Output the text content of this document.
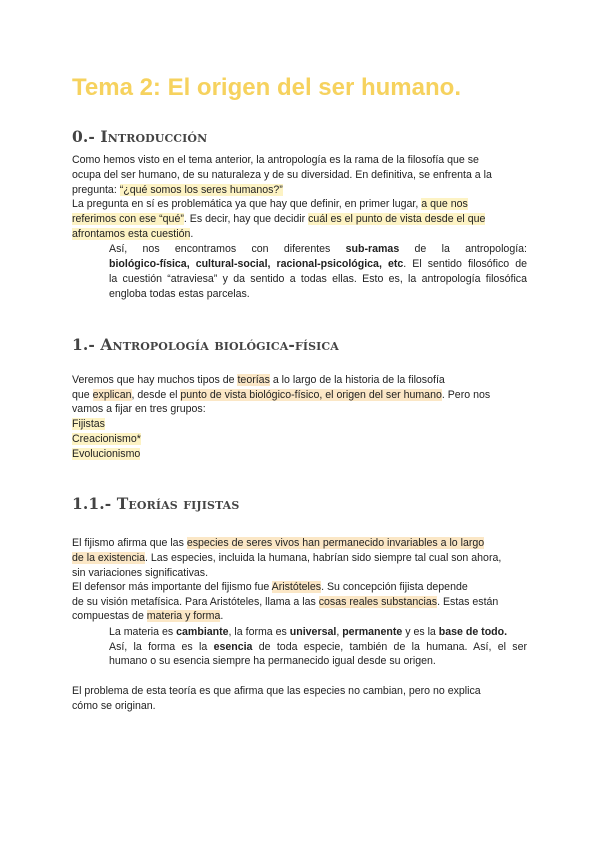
Tema 2: El origen del ser humano.
0.- Introducción

Como hemos visto en el tema anterior, la antropología es la rama de la filosofía que se

ocupa del ser humano, de su naturaleza y de su diversidad. En definitiva, se enfrenta a la

pregunta: “¿qué somos los seres humanos?”

La pregunta en sí es problemática ya que hay que definir, en primer lugar, a que nos

referimos con ese “qué”. Es decir, hay que decidir cuál es el punto de vista desde el que

afrontamos esta cuestión.

Así, nos encontramos con diferentes sub-ramas de la antropología:

biológico-física, cultural-social, racional-psicológica, etc. El sentido filosófico de

la cuestión “atraviesa” y da sentido a todas ellas. Esto es, la antropología filosófica

engloba todas estas parcelas.

1.- Antropología biológica-física

Veremos que hay muchos tipos de teorías a lo largo de la historia de la filosofía

que explican, desde el punto de vista biológico-físico, el origen del ser humano. Pero nos

vamos a fijar en tres grupos:

Fijistas

Creacionismo*

Evolucionismo

1.1.- Teorías fijistas

El fijismo afirma que las especies de seres vivos han permanecido invariables a lo largo

de la existencia. Las especies, incluida la humana, habrían sido siempre tal cual son ahora,

sin variaciones significativas.

El defensor más importante del fijismo fue Aristóteles. Su concepción fijista depende

de su visión metafísica. Para Aristóteles, llama a las cosas reales substancias. Estas están

compuestas de materia y forma.

La materia es cambiante, la forma es universal, permanente y es la base de todo.

Así, la forma es la esencia de toda especie, también de la humana. Así, el ser

humano o su esencia siempre ha permanecido igual desde su origen.

El problema de esta teoría es que afirma que las especies no cambian, pero no explica

cómo se originan.
